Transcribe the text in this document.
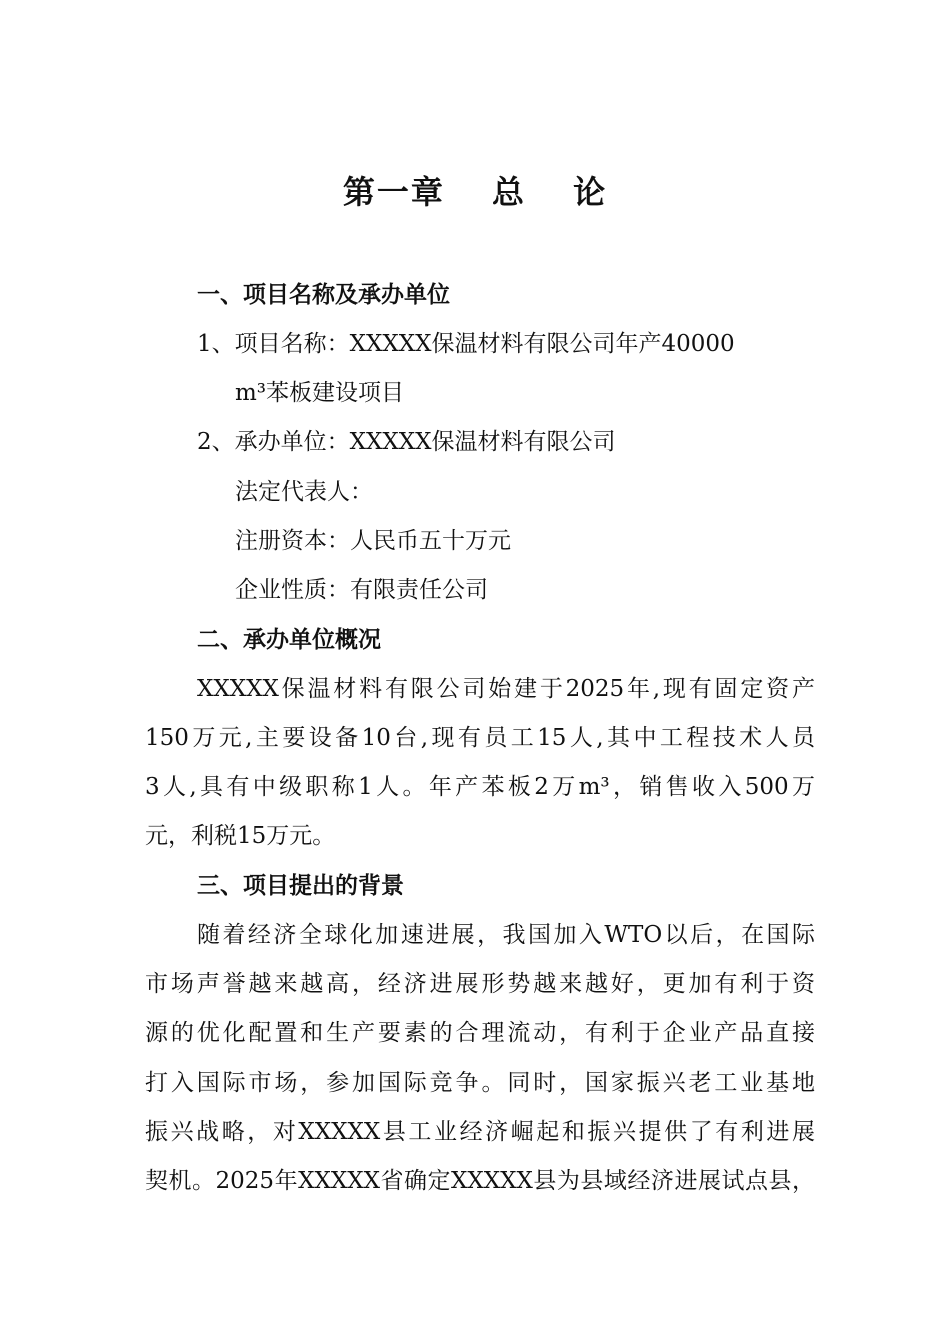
第一章　 总　 论
一、项目名称及承办单位
1、项目名称：XXXXX保温材料有限公司年产40000
m³苯板建设项目
2、承办单位：XXXXX保温材料有限公司
法定代表人：
注册资本：人民币五十万元
企业性质：有限责任公司
二、承办单位概况
XXXXX保温材料有限公司始建于2025年,现有固定资产
150万元,主要设备10台,现有员工15人,其中工程技术人员
3人,具有中级职称1人。年产苯板2万m³，销售收入500万
元，利税15万元。
三、项目提出的背景
随着经济全球化加速进展，我国加入WTO以后，在国际
市场声誉越来越高，经济进展形势越来越好，更加有利于资
源的优化配置和生产要素的合理流动，有利于企业产品直接
打入国际市场，参加国际竞争。同时，国家振兴老工业基地
振兴战略，对XXXXX县工业经济崛起和振兴提供了有利进展
契机。2025年XXXXX省确定XXXXX县为县域经济进展试点县，
